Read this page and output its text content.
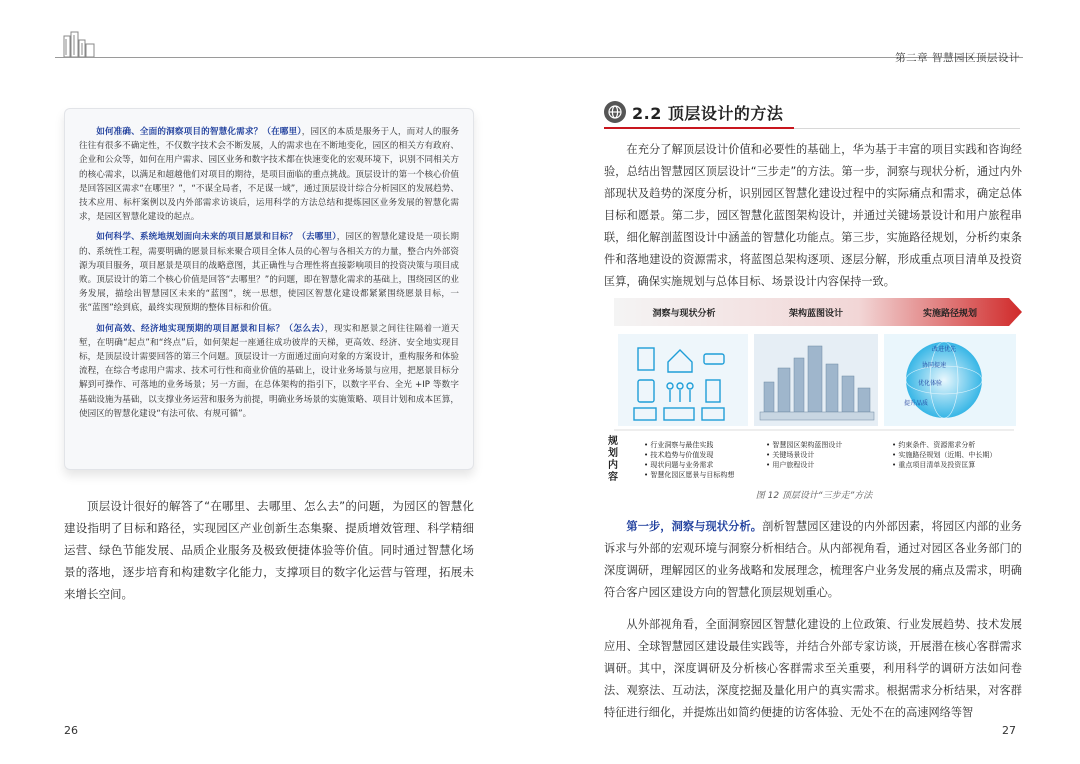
第二章 智慧园区顶层设计

如何准确、全面的洞察项目的智慧化需求？（在哪里），园区的本质是服务于人，而对人的服务往往有很多不确定性，不仅数字技术会不断发展，人的需求也在不断地变化，园区的相关方有政府、企业和公众等，如何在用户需求、园区业务和数字技术都在快速变化的宏观环境下，识别不同相关方的核心需求，以满足和超越他们对项目的期待，是项目面临的重点挑战。顶层设计的第一个核心价值是回答园区需求“在哪里？”，“不谋全局者，不足谋一域”，通过顶层设计综合分析园区的发展趋势、技术应用、标杆案例以及内外部需求访谈后，运用科学的方法总结和提炼园区业务发展的智慧化需求，是园区智慧化建设的起点。

如何科学、系统地规划面向未来的项目愿景和目标？（去哪里），园区的智慧化建设是一项长期的、系统性工程，需要明确的愿景目标来聚合项目全体人员的心智与各相关方的力量，整合内外部资源为项目服务，项目愿景是项目的战略意图，其正确性与合理性将直接影响项目的投资决策与项目成败。顶层设计的第二个核心价值是回答“去哪里？”的问题，即在智慧化需求的基础上，围绕园区的业务发展，描绘出智慧园区未来的“蓝图”，统一思想，使园区智慧化建设都紧紧围绕愿景目标，一张“蓝图”绘到底，最终实现预期的整体目标和价值。

如何高效、经济地实现预期的项目愿景和目标？（怎么去），现实和愿景之间往往隔着一道天堑，在明确“起点”和“终点”后，如何架起一座通往成功彼岸的天梯，更高效、经济、安全地实现目标，是顶层设计需要回答的第三个问题。顶层设计一方面通过面向对象的方案设计，重构服务和体验流程，在综合考虑用户需求、技术可行性和商业价值的基础上，设计业务场景与应用，把愿景目标分解到可操作、可落地的业务场景；另一方面，在总体架构的指引下，以数字平台、全光 +IP 等数字基础设施为基础，以支撑业务运营和服务为前提，明确业务场景的实施策略、项目计划和成本匡算，使园区的智慧化建设“有法可依、有规可循”。

顶层设计很好的解答了“在哪里、去哪里、怎么去”的问题，为园区的智慧化建设指明了目标和路径，实现园区产业创新生态集聚、提质增效管理、科学精细运营、绿色节能发展、品质企业服务及极致便捷体验等价值。同时通过智慧化场景的落地，逐步培育和构建数字化能力，支撑项目的数字化运营与管理，拓展未来增长空间。

26
2.2 顶层设计的方法

在充分了解顶层设计价值和必要性的基础上，华为基于丰富的项目实践和咨询经验，总结出智慧园区顶层设计“三步走”的方法。第一步，洞察与现状分析，通过内外部现状及趋势的深度分析，识别园区智慧化建设过程中的实际痛点和需求，确定总体目标和愿景。第二步，园区智慧化蓝图架构设计，并通过关键场景设计和用户旅程串联，细化解剖蓝图设计中涵盖的智慧化功能点。第三步，实施路径规划，分析约束条件和落地建设的资源需求，将蓝图总架构逐项、逐层分解，形成重点项目清单及投资匡算，确保实施规划与总体目标、场景设计内容保持一致。

洞察与现状分析	架构蓝图设计	实施路径规划
改进优先
协同提速
优化体验
提升品质
规
划
内
容
• 行业洞察与最佳实践
• 技术趋势与价值发现
• 现状问题与业务需求
• 智慧化园区愿景与目标构想
• 智慧园区架构蓝图设计
• 关键场景设计
• 用户旅程设计
• 约束条件、资源需求分析
• 实施路径规划（近期、中长期）
• 重点项目清单及投资匡算
图 12 顶层设计“三步走”方法

第一步，洞察与现状分析。剖析智慧园区建设的内外部因素，将园区内部的业务诉求与外部的宏观环境与洞察分析相结合。从内部视角看，通过对园区各业务部门的深度调研，理解园区的业务战略和发展理念，梳理客户业务发展的痛点及需求，明确符合客户园区建设方向的智慧化顶层规划重心。

从外部视角看，全面洞察园区智慧化建设的上位政策、行业发展趋势、技术发展应用、全球智慧园区建设最佳实践等，并结合外部专家访谈，开展潜在核心客群需求调研。其中，深度调研及分析核心客群需求至关重要，利用科学的调研方法如问卷法、观察法、互动法，深度挖掘及量化用户的真实需求。根据需求分析结果，对客群特征进行细化，并提炼出如简约便捷的访客体验、无处不在的高速网络等智

27
